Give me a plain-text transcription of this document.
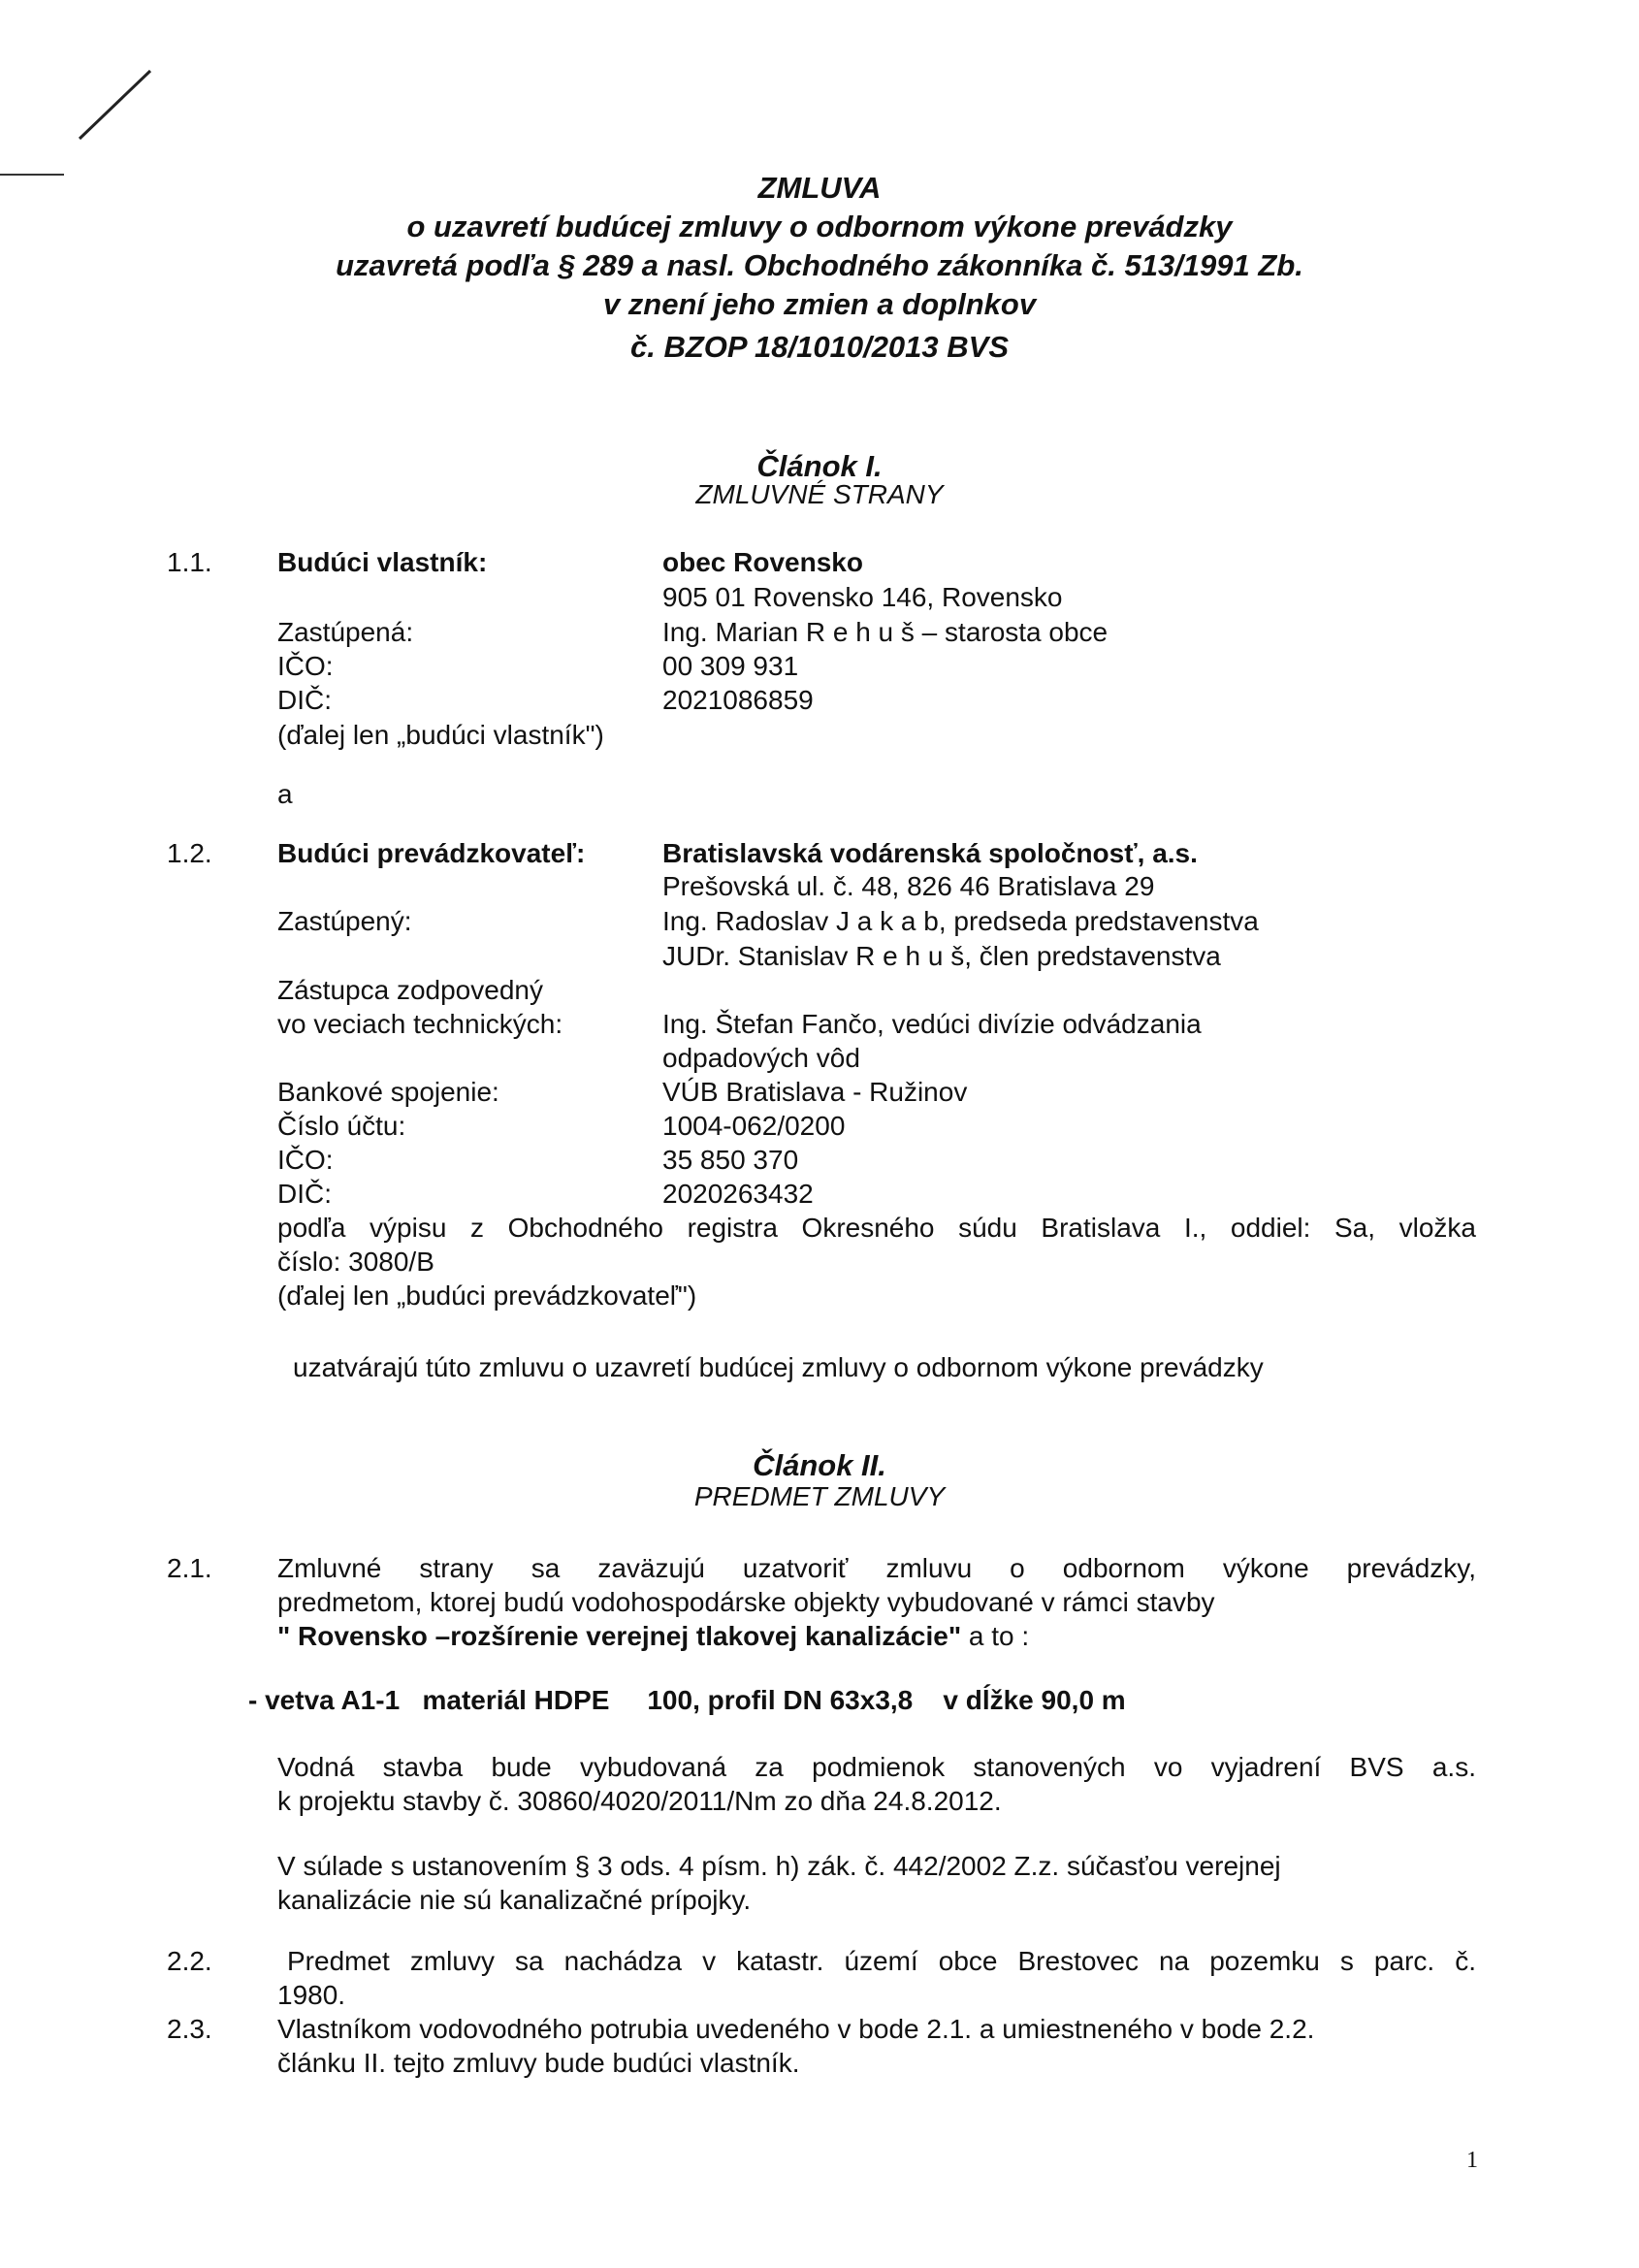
ZMLUVA
o uzavretí budúcej zmluvy o odbornom výkone prevádzky
uzavretá podľa § 289 a nasl. Obchodného zákonníka č. 513/1991 Zb.
v znení jeho zmien a doplnkov
č. BZOP 18/1010/2013 BVS
Článok I.
ZMLUVNÉ STRANY
1.1. Budúci vlastník:	obec Rovensko
905 01 Rovensko 146, Rovensko
Zastúpená:	Ing. Marian R e h u š – starosta obce
IČO:	00 309 931
DIČ:	2021086859
(ďalej len „budúci vlastník")
a
1.2. Budúci prevádzkovateľ:	Bratislavská vodárenská spoločnosť, a.s.
Prešovská ul. č. 48, 826 46 Bratislava 29
Zastúpený:	Ing. Radoslav J a k a b, predseda predstavenstva
JUDr. Stanislav R e h u š, člen predstavenstva
Zástupca zodpovedný
vo veciach technických:	Ing. Štefan Fančo, vedúci divízie odvádzania
odpadových vôd
Bankové spojenie:	VÚB Bratislava - Ružinov
Číslo účtu:	1004-062/0200
IČO:	35 850 370
DIČ:	2020263432
podľa výpisu z Obchodného registra Okresného súdu Bratislava I., oddiel: Sa, vložka
číslo: 3080/B
(ďalej len „budúci prevádzkovateľ")
uzatvárajú túto zmluvu o uzavretí budúcej zmluvy o odbornom výkone prevádzky
Článok II.
PREDMET ZMLUVY
2.1. Zmluvné strany sa zaväzujú uzatvoriť zmluvu o odbornom výkone prevádzky,
predmetom, ktorej budú vodohospodárske objekty vybudované v rámci stavby
" Rovensko –rozšírenie verejnej tlakovej kanalizácie" a to :
- vetva A1-1   materiál HDPE     100, profil DN 63x3,8    v dĺžke 90,0 m
Vodná stavba bude vybudovaná za podmienok stanovených vo vyjadrení BVS a.s.
k projektu stavby č. 30860/4020/2011/Nm zo dňa 24.8.2012.
V súlade s ustanovením § 3 ods. 4 písm. h) zák. č. 442/2002 Z.z. súčasťou verejnej
kanalizácie nie sú kanalizačné prípojky.
2.2.	Predmet zmluvy sa nachádza v katastr. území obce Brestovec na pozemku s parc. č.
1980.
2.3. Vlastníkom vodovodného potrubia uvedeného v bode 2.1. a umiestneného v bode 2.2.
článku II. tejto zmluvy bude budúci vlastník.
1
